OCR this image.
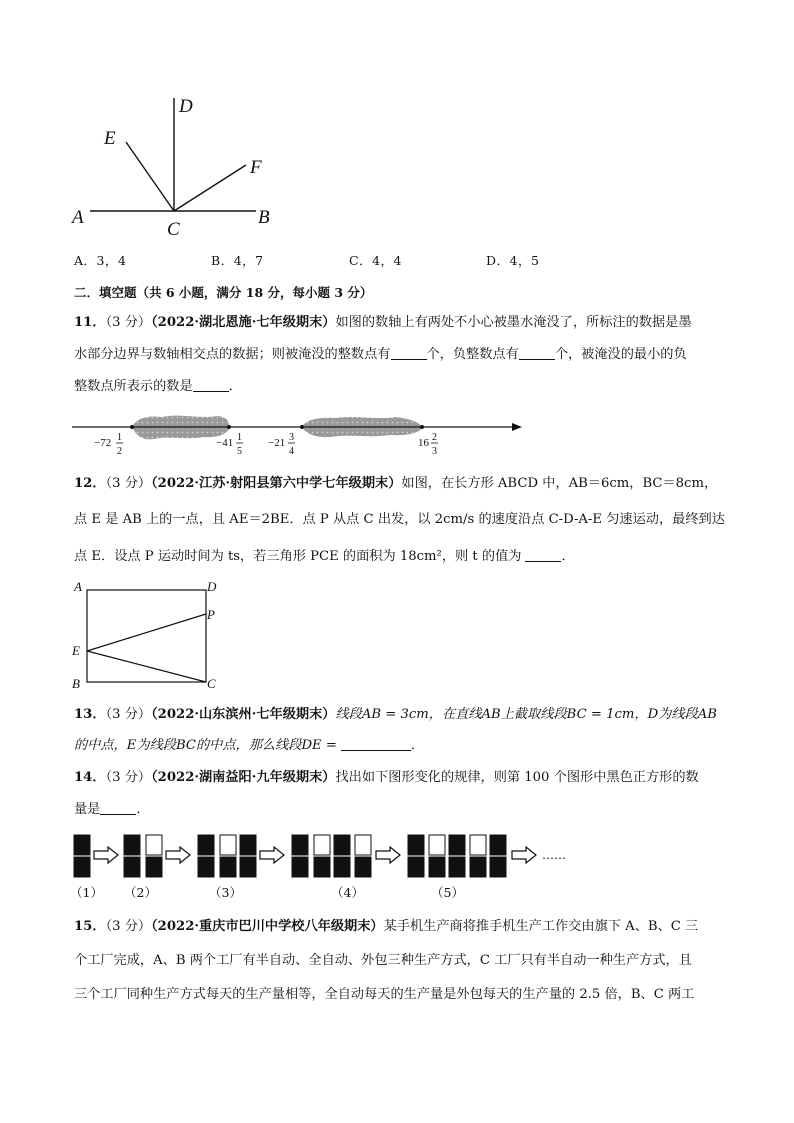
A	B
C
D
E
F
A．3，4	B．4，7	C．4，4	D．4，5
二．填空题（共 6 小题，满分 18 分，每小题 3 分）
11．（3 分）（2022·湖北恩施·七年级期末）如图的数轴上有两处不小心被墨水淹没了，所标注的数据是墨
水部分边界与数轴相交点的数据；则被淹没的整数点有	个，负整数点有	个，被淹没的最小的负
整数点所表示的数是	．
−72 1
2
−41 1
5
−21 3
4
16 2
3
12．（3 分）（2022·江苏·射阳县第六中学七年级期末）如图，在长方形 ABCD 中，AB＝6cm，BC＝8cm，
点 E 是 AB 上的一点，且 AE＝2BE．点 P 从点 C 出发，以 2cm/s 的速度沿点 C-D-A-E 匀速运动，最终到达
点 E．设点 P 运动时间为 ts，若三角形 PCE 的面积为 18cm²，则 t 的值为	．
A	D
P
E
B	C
13．（3 分）（2022·山东滨州·七年级期末）线段AB = 3cm，在直线AB上截取线段BC = 1cm，D为线段AB
的中点，E为线段BC的中点，那么线段DE =	．
14．（3 分）（2022·湖南益阳·九年级期末）找出如下图形变化的规律，则第 100 个图形中黑色正方形的数
量是	．
……
（1） （2）	（3）	（4）	（5）
15．（3 分）（2022·重庆市巴川中学校八年级期末）某手机生产商将推手机生产工作交由旗下 A、B、C 三
个工厂完成，A、B 两个工厂有半自动、全自动、外包三种生产方式，C 工厂只有半自动一种生产方式，且
三个工厂同种生产方式每天的生产量相等，全自动每天的生产量是外包每天的生产量的 2.5 倍，B、C 两工
